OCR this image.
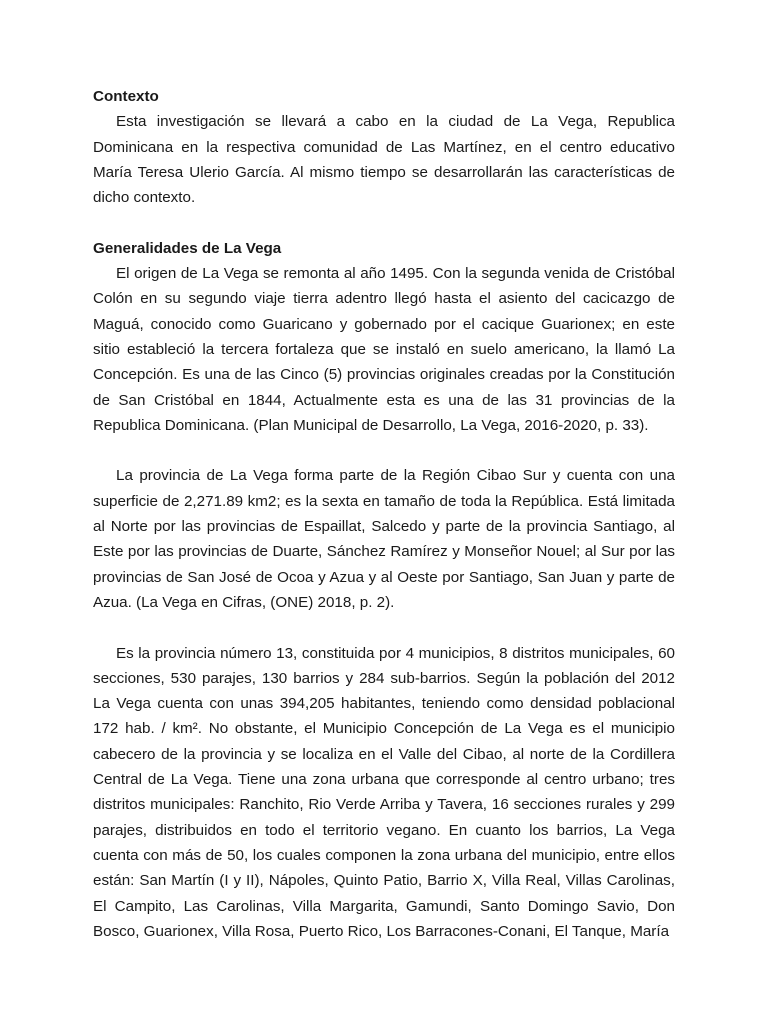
Contexto

Esta investigación se llevará a cabo en la ciudad de La Vega, Republica Dominicana en la respectiva comunidad de Las Martínez, en el centro educativo María Teresa Ulerio García. Al mismo tiempo se desarrollarán las características de dicho contexto.

Generalidades de La Vega

El origen de La Vega se remonta al año 1495. Con la segunda venida de Cristóbal Colón en su segundo viaje tierra adentro llegó hasta el asiento del cacicazgo de Maguá, conocido como Guaricano y gobernado por el cacique Guarionex; en este sitio estableció la tercera fortaleza que se instaló en suelo americano, la llamó La Concepción. Es una de las Cinco (5) provincias originales creadas por la Constitución de San Cristóbal en 1844, Actualmente esta es una de las 31 provincias de la Republica Dominicana. (Plan Municipal de Desarrollo, La Vega, 2016-2020, p. 33).

La provincia de La Vega forma parte de la Región Cibao Sur y cuenta con una superficie de 2,271.89 km2; es la sexta en tamaño de toda la República. Está limitada al Norte por las provincias de Espaillat, Salcedo y parte de la provincia Santiago, al Este por las provincias de Duarte, Sánchez Ramírez y Monseñor Nouel; al Sur por las provincias de San José de Ocoa y Azua y al Oeste por Santiago, San Juan y parte de Azua. (La Vega en Cifras, (ONE) 2018, p. 2).

Es la provincia número 13, constituida por 4 municipios, 8 distritos municipales, 60 secciones, 530 parajes, 130 barrios y 284 sub-barrios. Según la población del 2012 La Vega cuenta con unas 394,205 habitantes, teniendo como densidad poblacional 172 hab. / km². No obstante, el Municipio Concepción de La Vega es el municipio cabecero de la provincia y se localiza en el Valle del Cibao, al norte de la Cordillera Central de La Vega. Tiene una zona urbana que corresponde al centro urbano; tres distritos municipales: Ranchito, Rio Verde Arriba y Tavera, 16 secciones rurales y 299 parajes, distribuidos en todo el territorio vegano. En cuanto los barrios, La Vega cuenta con más de 50, los cuales componen la zona urbana del municipio, entre ellos están: San Martín (I y II), Nápoles, Quinto Patio, Barrio X, Villa Real, Villas Carolinas, El Campito, Las Carolinas, Villa Margarita, Gamundi, Santo Domingo Savio, Don Bosco, Guarionex, Villa Rosa, Puerto Rico, Los Barracones-Conani, El Tanque, María
